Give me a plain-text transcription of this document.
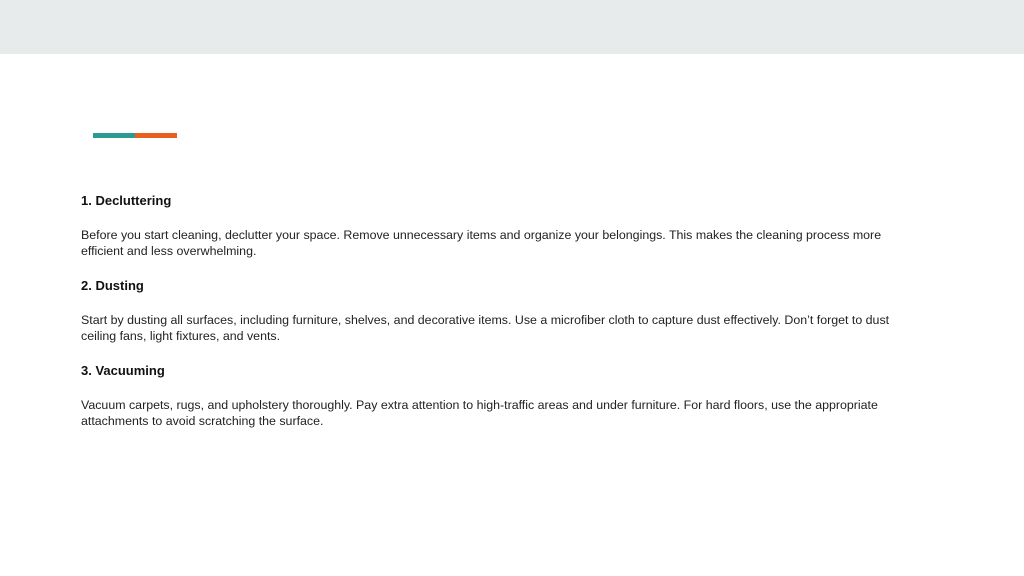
1. Decluttering

Before you start cleaning, declutter your space. Remove unnecessary items and organize your belongings. This makes the cleaning process more efficient and less overwhelming.

2. Dusting

Start by dusting all surfaces, including furniture, shelves, and decorative items. Use a microfiber cloth to capture dust effectively. Don’t forget to dust ceiling fans, light fixtures, and vents.

3. Vacuuming

Vacuum carpets, rugs, and upholstery thoroughly. Pay extra attention to high-traffic areas and under furniture. For hard floors, use the appropriate attachments to avoid scratching the surface.
